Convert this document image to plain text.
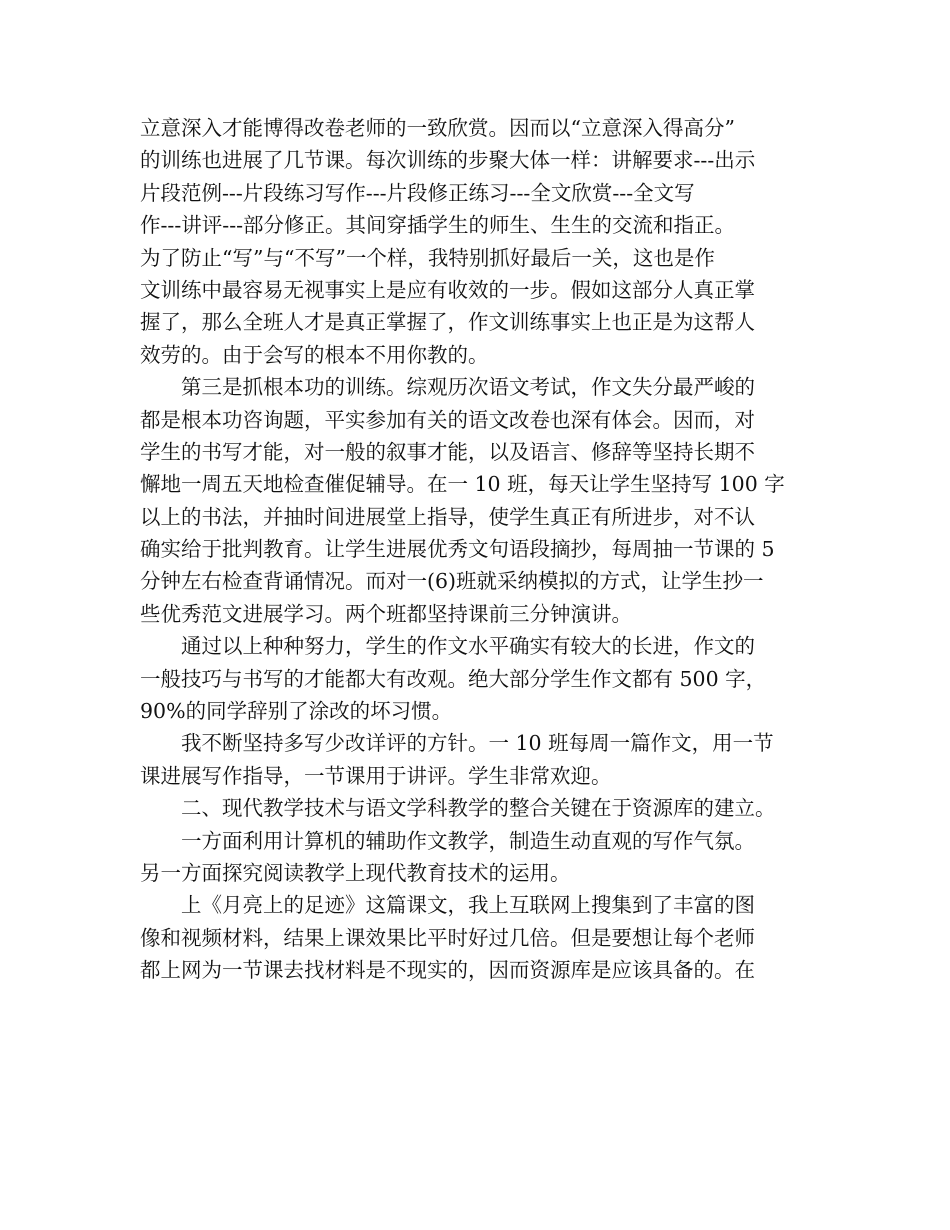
立意深入才能博得改卷老师的一致欣赏。因而以“立意深入得高分”
的训练也进展了几节课。每次训练的步聚大体一样：讲解要求---出示
片段范例---片段练习写作---片段修正练习---全文欣赏---全文写
作---讲评---部分修正。其间穿插学生的师生、生生的交流和指正。
为了防止“写”与“不写”一个样，我特别抓好最后一关，这也是作
文训练中最容易无视事实上是应有收效的一步。假如这部分人真正掌
握了，那么全班人才是真正掌握了，作文训练事实上也正是为这帮人
效劳的。由于会写的根本不用你教的。
第三是抓根本功的训练。综观历次语文考试，作文失分最严峻的
都是根本功咨询题，平实参加有关的语文改卷也深有体会。因而，对
学生的书写才能，对一般的叙事才能，以及语言、修辞等坚持长期不
懈地一周五天地检查催促辅导。在一 10 班，每天让学生坚持写 100 字
以上的书法，并抽时间进展堂上指导，使学生真正有所进步，对不认
确实给于批判教育。让学生进展优秀文句语段摘抄，每周抽一节课的 5
分钟左右检查背诵情况。而对一(6)班就采纳模拟的方式，让学生抄一
些优秀范文进展学习。两个班都坚持课前三分钟演讲。
通过以上种种努力，学生的作文水平确实有较大的长进，作文的
一般技巧与书写的才能都大有改观。绝大部分学生作文都有 500 字，
90%的同学辞别了涂改的坏习惯。
我不断坚持多写少改详评的方针。一 10 班每周一篇作文，用一节
课进展写作指导，一节课用于讲评。学生非常欢迎。
二、现代教学技术与语文学科教学的整合关键在于资源库的建立。
一方面利用计算机的辅助作文教学，制造生动直观的写作气氛。
另一方面探究阅读教学上现代教育技术的运用。
上《月亮上的足迹》这篇课文，我上互联网上搜集到了丰富的图
像和视频材料，结果上课效果比平时好过几倍。但是要想让每个老师
都上网为一节课去找材料是不现实的，因而资源库是应该具备的。在
